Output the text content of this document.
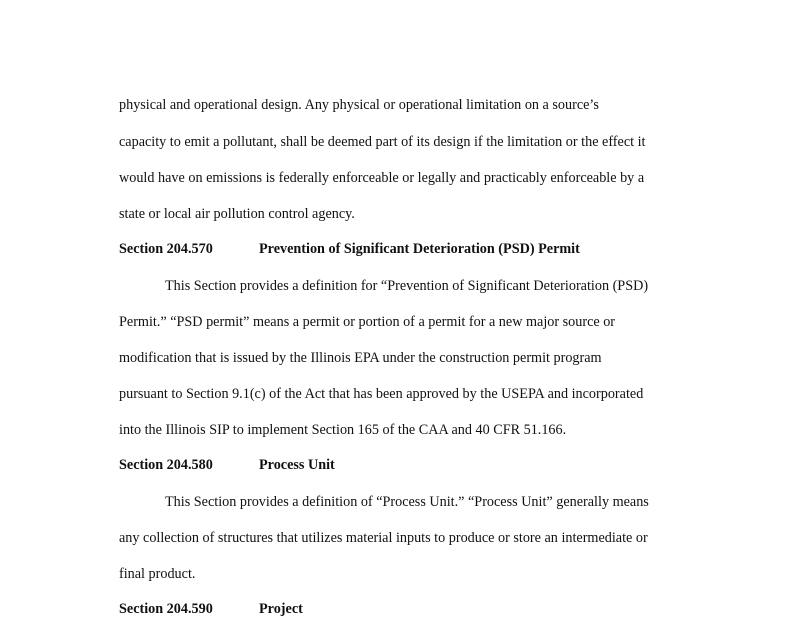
physical and operational design. Any physical or operational limitation on a source’s
capacity to emit a pollutant, shall be deemed part of its design if the limitation or the effect it
would have on emissions is federally enforceable or legally and practicably enforceable by a
state or local air pollution control agency.
Section 204.570	Prevention of Significant Deterioration (PSD) Permit
This Section provides a definition for “Prevention of Significant Deterioration (PSD)
Permit.” “PSD permit” means a permit or portion of a permit for a new major source or
modification that is issued by the Illinois EPA under the construction permit program
pursuant to Section 9.1(c) of the Act that has been approved by the USEPA and incorporated
into the Illinois SIP to implement Section 165 of the CAA and 40 CFR 51.166.
Section 204.580	Process Unit
This Section provides a definition of “Process Unit.” “Process Unit” generally means
any collection of structures that utilizes material inputs to produce or store an intermediate or
final product.
Section 204.590	Project
